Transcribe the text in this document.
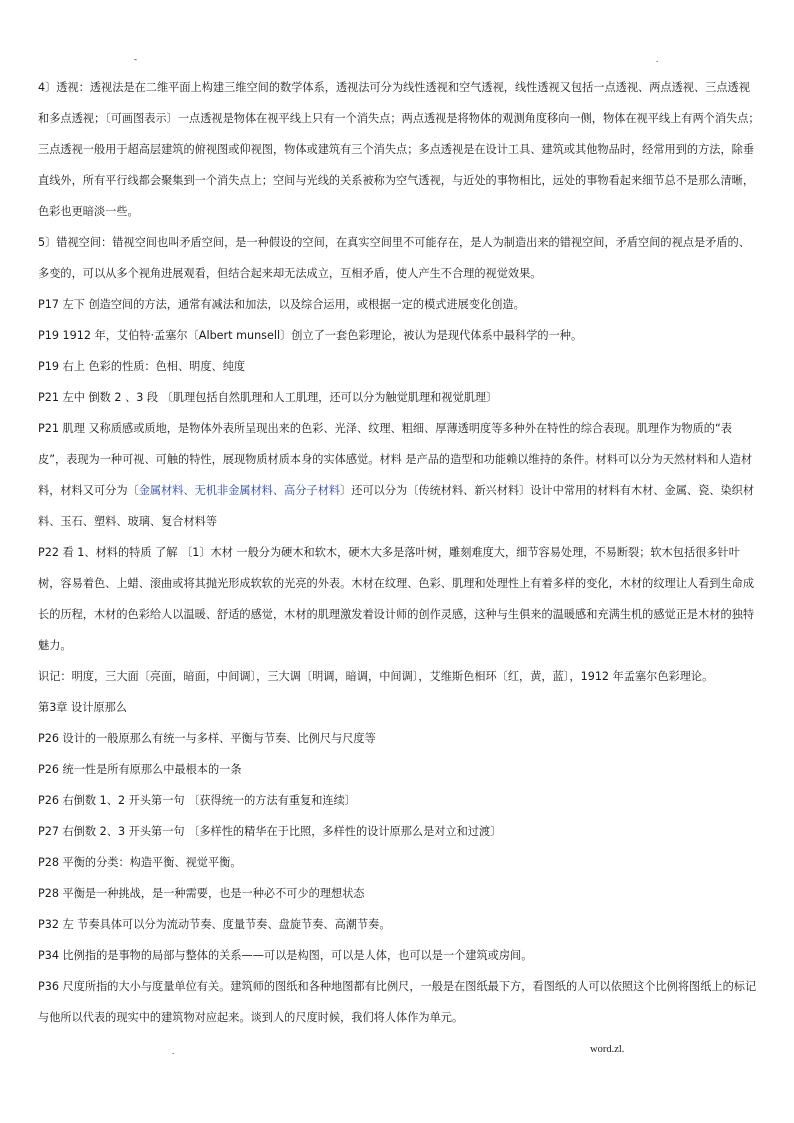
-	.

4〕透视：透视法是在二维平面上构建三维空间的数学体系，透视法可分为线性透视和空气透视，线性透视又包括一点透视、两点透视、三点透视和多点透视；〔可画图表示〕一点透视是物体在视平线上只有一个消失点；两点透视是将物体的观测角度移向一侧，物体在视平线上有两个消失点；三点透视一般用于超高层建筑的俯视图或仰视图，物体或建筑有三个消失点；多点透视是在设计工具、建筑或其他物品时，经常用到的方法，除垂直线外，所有平行线都会聚集到一个消失点上；空间与光线的关系被称为空气透视，与近处的事物相比，远处的事物看起来细节总不是那么清晰，色彩也更暗淡一些。

5〕错视空间：错视空间也叫矛盾空间，是一种假设的空间，在真实空间里不可能存在，是人为制造出来的错视空间，矛盾空间的视点是矛盾的、多变的，可以从多个视角进展观看，但结合起来却无法成立，互相矛盾，使人产生不合理的视觉效果。

P17 左下 创造空间的方法，通常有减法和加法，以及综合运用，或根据一定的模式进展变化创造。

P19 1912 年，艾伯特·孟塞尔〔Albert munsell〕创立了一套色彩理论，被认为是现代体系中最科学的一种。

P19 右上 色彩的性质：色相、明度、纯度

P21 左中 倒数 2 、3 段 〔肌理包括自然肌理和人工肌理，还可以分为触觉肌理和视觉肌理〕

P21 肌理 又称质感或质地，是物体外表所呈现出来的色彩、光泽、纹理、粗细、厚薄透明度等多种外在特性的综合表现。肌理作为物质的“表皮”，表现为一种可视、可触的特性，展现物质材质本身的实体感觉。材料 是产品的造型和功能赖以维持的条件。材料可以分为天然材料和人造材料，材料又可分为〔金属材料、无机非金属材料、高分子材料〕还可以分为〔传统材料、新兴材料〕设计中常用的材料有木材、金属、瓷、染织材料、玉石、塑料、玻璃、复合材料等

P22 看 1、材料的特质 了解 〔1〕木材 一般分为硬木和软木，硬木大多是落叶树，雕刻难度大，细节容易处理，不易断裂；软木包括很多针叶树，容易着色、上蜡、滚曲或将其抛光形成软软的光亮的外表。木材在纹理、色彩、肌理和处理性上有着多样的变化，木材的纹理让人看到生命成长的历程，木材的色彩给人以温暖、舒适的感觉，木材的肌理激发着设计师的创作灵感，这种与生俱来的温暖感和充满生机的感觉正是木材的独特魅力。

识记：明度，三大面〔亮面，暗面，中间调〕，三大调〔明调，暗调，中间调〕，艾维斯色相环〔红，黄，蓝〕，1912 年孟塞尔色彩理论。

第3章 设计原那么

P26 设计的一般原那么有统一与多样、平衡与节奏、比例尺与尺度等

P26 统一性是所有原那么中最根本的一条

P26 右倒数 1、2 开头第一句 〔获得统一的方法有重复和连续〕

P27 右倒数 2、3 开头第一句 〔多样性的精华在于比照，多样性的设计原那么是对立和过渡〕

P28 平衡的分类：构造平衡、视觉平衡。

P28 平衡是一种挑战，是一种需要，也是一种必不可少的理想状态

P32 左 节奏具体可以分为流动节奏、度量节奏、盘旋节奏、高潮节奏。

P34 比例指的是事物的局部与整体的关系——可以是构图，可以是人体，也可以是一个建筑或房间。

P36 尺度所指的大小与度量单位有关。建筑师的图纸和各种地图都有比例尺，一般是在图纸最下方，看图纸的人可以依照这个比例将图纸上的标记与他所以代表的现实中的建筑物对应起来。谈到人的尺度时候，我们将人体作为单元。

.	word.zl.
